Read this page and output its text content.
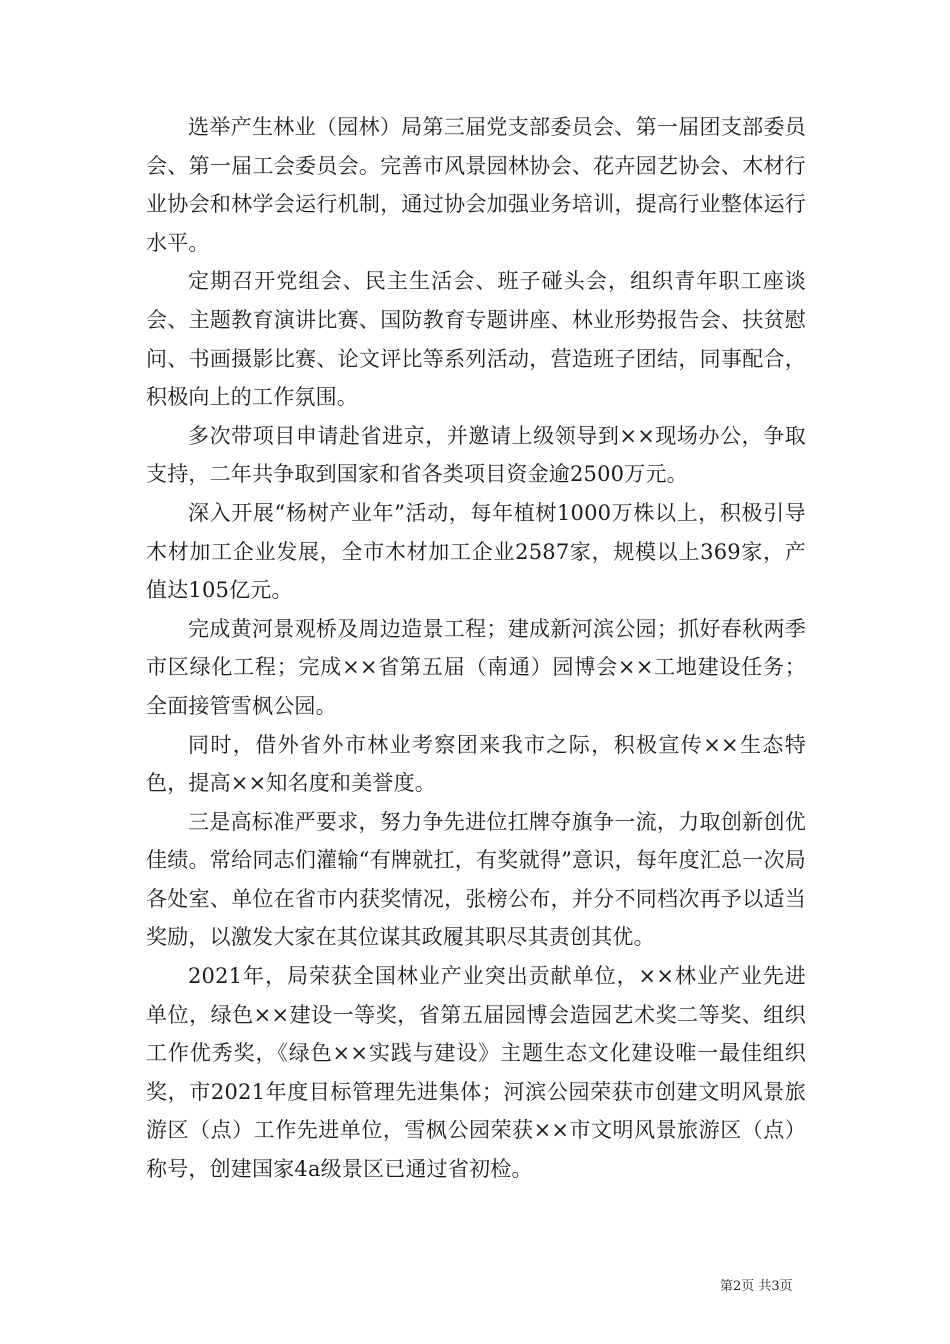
选举产生林业（园林）局第三届党支部委员会、第一届团支部委员会、第一届工会委员会。完善市风景园林协会、花卉园艺协会、木材行业协会和林学会运行机制，通过协会加强业务培训，提高行业整体运行水平。

定期召开党组会、民主生活会、班子碰头会，组织青年职工座谈会、主题教育演讲比赛、国防教育专题讲座、林业形势报告会、扶贫慰问、书画摄影比赛、论文评比等系列活动，营造班子团结，同事配合，积极向上的工作氛围。

多次带项目申请赴省进京，并邀请上级领导到××现场办公，争取支持，二年共争取到国家和省各类项目资金逾2500万元。

深入开展“杨树产业年”活动，每年植树1000万株以上，积极引导木材加工企业发展，全市木材加工企业2587家，规模以上369家，产值达105亿元。

完成黄河景观桥及周边造景工程；建成新河滨公园；抓好春秋两季市区绿化工程；完成××省第五届（南通）园博会××工地建设任务；全面接管雪枫公园。

同时，借外省外市林业考察团来我市之际，积极宣传××生态特色，提高××知名度和美誉度。

三是高标准严要求，努力争先进位扛牌夺旗争一流，力取创新创优佳绩。常给同志们灌输“有牌就扛，有奖就得”意识，每年度汇总一次局各处室、单位在省市内获奖情况，张榜公布，并分不同档次再予以适当奖励，以激发大家在其位谋其政履其职尽其责创其优。

2021年，局荣获全国林业产业突出贡献单位，××林业产业先进单位，绿色××建设一等奖，省第五届园博会造园艺术奖二等奖、组织工作优秀奖，《绿色××实践与建设》主题生态文化建设唯一最佳组织奖，市2021年度目标管理先进集体；河滨公园荣获市创建文明风景旅游区（点）工作先进单位，雪枫公园荣获××市文明风景旅游区（点）称号，创建国家4a级景区已通过省初检。

第2页 共3页
